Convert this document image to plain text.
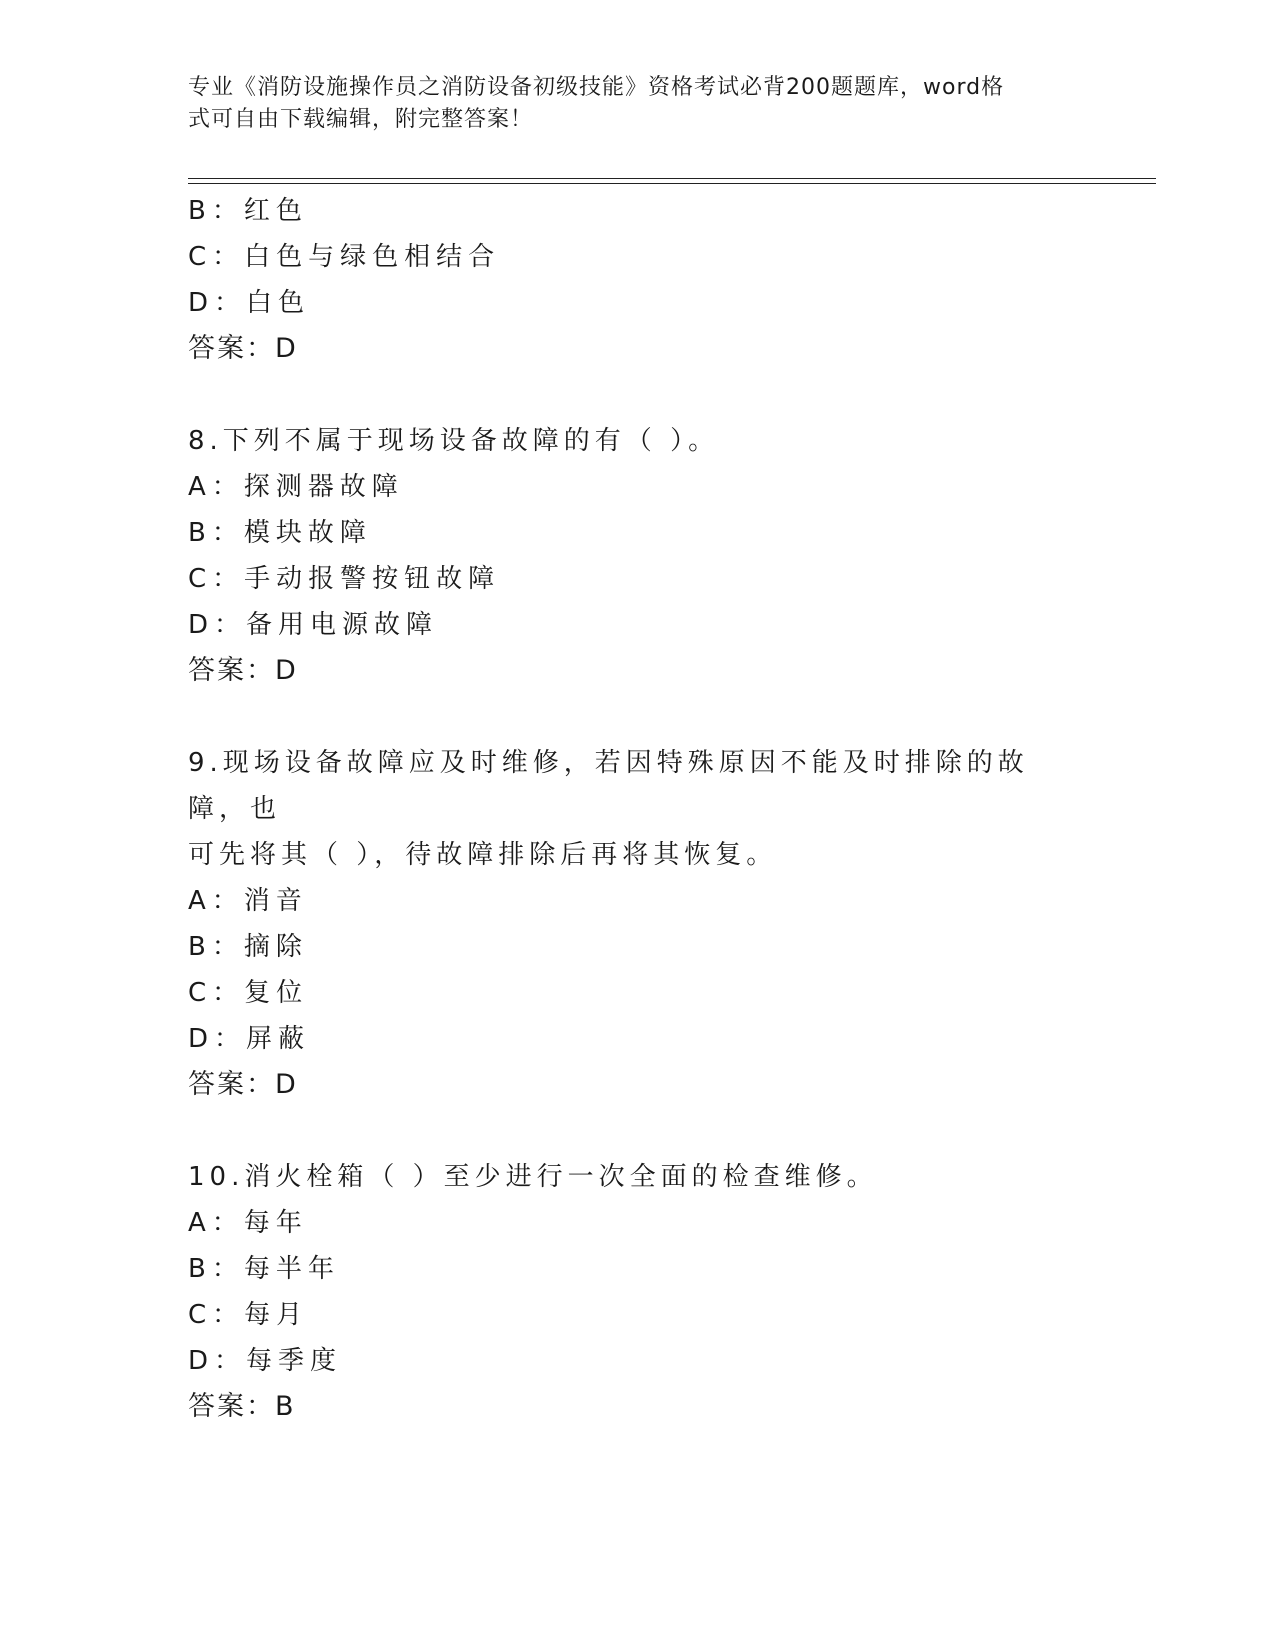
专业《消防设施操作员之消防设备初级技能》资格考试必背200题题库，word格
式可自由下载编辑，附完整答案！
B：红色
C：白色与绿色相结合
D：白色
答案：D
8.下列不属于现场设备故障的有（ ）。
A：探测器故障
B：模块故障
C：手动报警按钮故障
D：备用电源故障
答案：D
9.现场设备故障应及时维修，若因特殊原因不能及时排除的故障，也
可先将其（ ），待故障排除后再将其恢复。
A：消音
B：摘除
C：复位
D：屏蔽
答案：D
10.消火栓箱（ ）至少进行一次全面的检查维修。
A：每年
B：每半年
C：每月
D：每季度
答案：B
